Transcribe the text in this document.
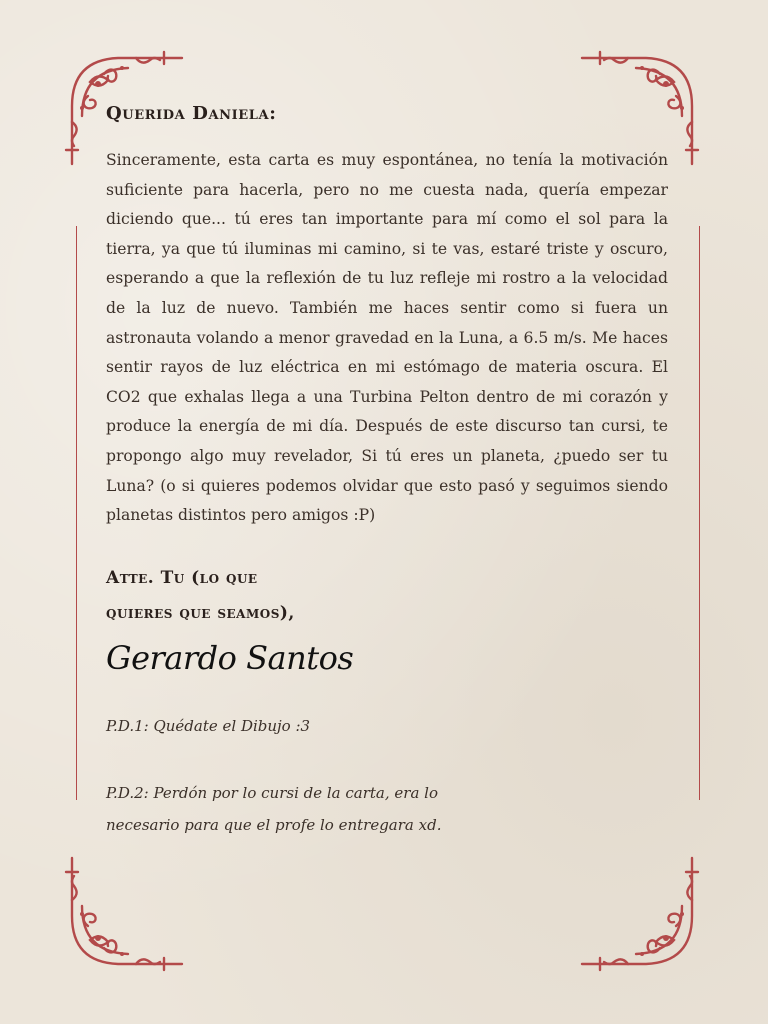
Querida Daniela:

Sinceramente, esta carta es muy espontánea, no tenía la motivación suficiente para hacerla, pero no me cuesta nada, quería empezar diciendo que... tú eres tan importante para mí como el sol para la tierra, ya que tú iluminas mi camino, si te vas, estaré triste y oscuro, esperando a que la reflexión de tu luz refleje mi rostro a la velocidad de la luz de nuevo. También me haces sentir como si fuera un astronauta volando a menor gravedad en la Luna, a 6.5 m/s. Me haces sentir rayos de luz eléctrica en mi estómago de materia oscura. El CO2 que exhalas llega a una Turbina Pelton dentro de mi corazón y produce la energía de mi día. Después de este discurso tan cursi, te propongo algo muy revelador, Si tú eres un planeta, ¿puedo ser tu Luna? (o si quieres podemos olvidar que esto pasó y seguimos siendo planetas distintos pero amigos :P)

Atte. Tu (lo que quieres que seamos),

Gerardo Santos

P.D.1: Quédate el Dibujo :3

P.D.2: Perdón por lo cursi de la carta, era lo necesario para que el profe lo entregara xd.
